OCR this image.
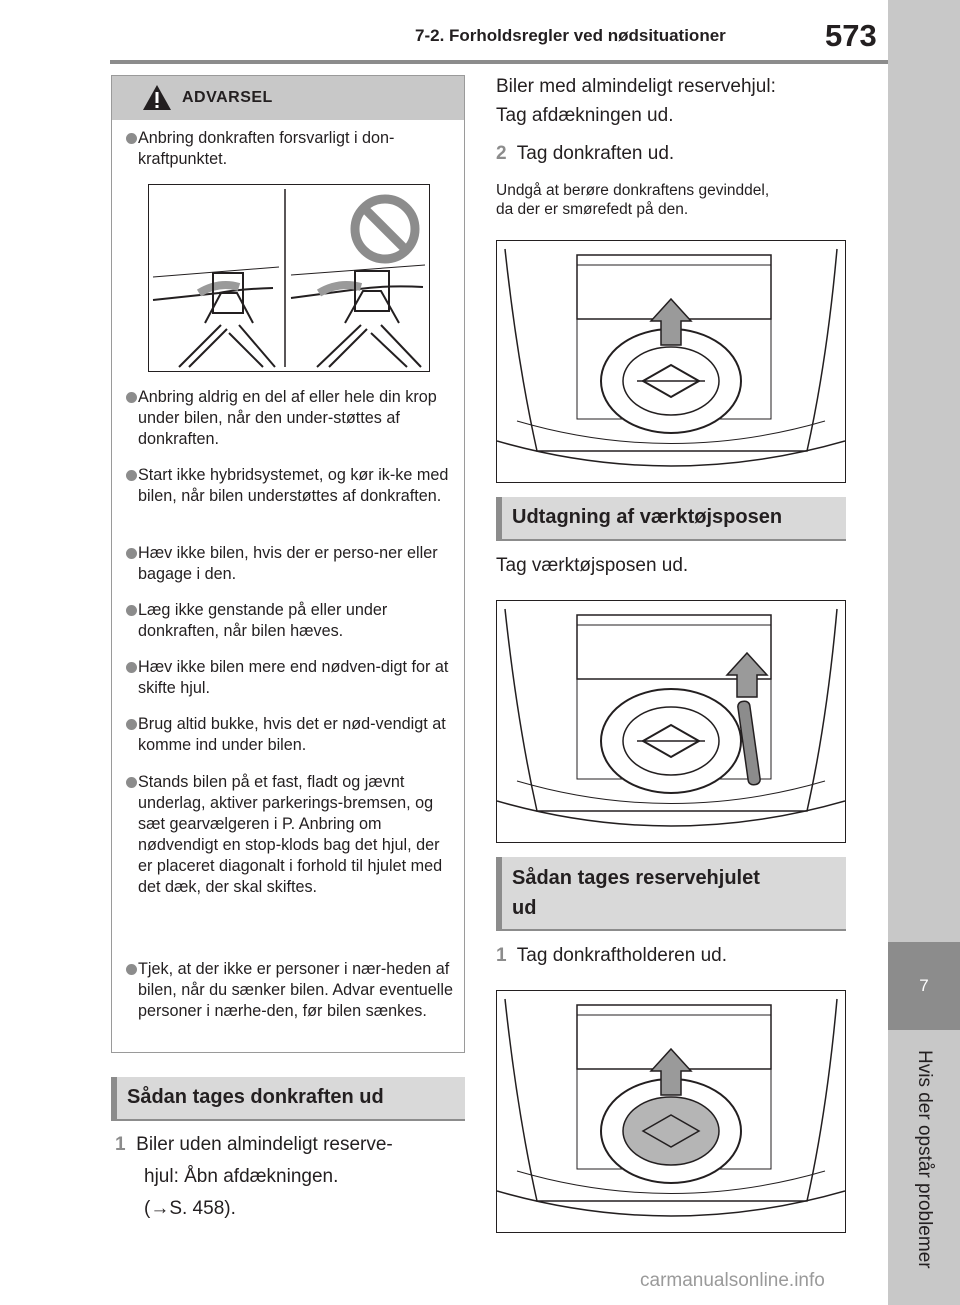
7
Hvis der opstår problemer
7-2. Forholdsregler ved nødsituationer	573
ADVARSEL
Anbring donkraften forsvarligt i don-kraftpunktet.
Anbring aldrig en del af eller hele din krop under bilen, når den under-støttes af donkraften.
Start ikke hybridsystemet, og kør ik-ke med bilen, når bilen understøttes af donkraften.
Hæv ikke bilen, hvis der er perso-ner eller bagage i den.
Læg ikke genstande på eller under donkraften, når bilen hæves.
Hæv ikke bilen mere end nødven-digt for at skifte hjul.
Brug altid bukke, hvis det er nød-vendigt at komme ind under bilen.
Stands bilen på et fast, fladt og jævnt underlag, aktiver parkerings-bremsen, og sæt gearvælgeren i P. Anbring om nødvendigt en stop-klods bag det hjul, der er placeret diagonalt i forhold til hjulet med det dæk, der skal skiftes.
Tjek, at der ikke er personer i nær-heden af bilen, når du sænker bilen. Advar eventuelle personer i nærhe-den, før bilen sænkes.
Sådan tages donkraften ud
1 Biler uden almindeligt reserve-
hjul: Åbn afdækningen.
(→S. 458).
Biler med almindeligt reservehjul:
Tag afdækningen ud.
2 Tag donkraften ud.
Undgå at berøre donkraftens gevinddel,
da der er smørefedt på den.
Udtagning af værktøjsposen
Tag værktøjsposen ud.
Sådan tages reservehjulet
ud
1 Tag donkraftholderen ud.
carmanualsonline.info
